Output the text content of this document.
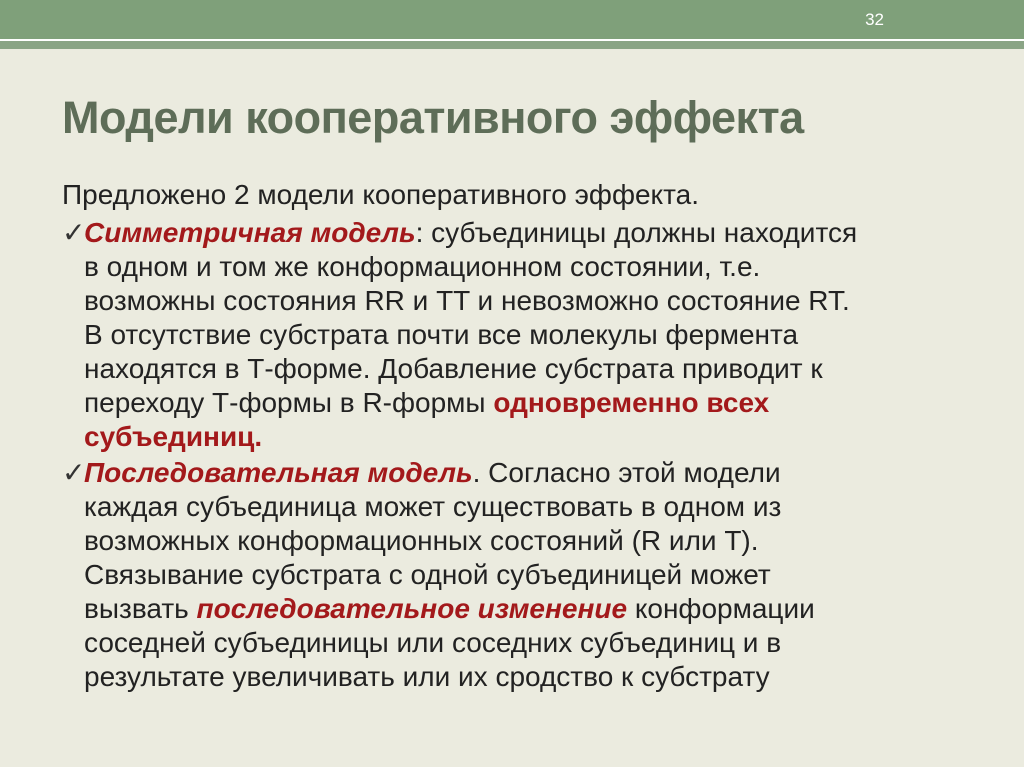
32
Модели кооперативного эффекта

Предложено 2 модели кооперативного эффекта.

✓
Симметричная модель: субъединицы должны находится
в одном и том же конформационном состоянии, т.е.
возможны состояния RR и TT и невозможно состояние RT.
В отсутствие субстрата почти все молекулы фермента
находятся в Т-форме. Добавление субстрата приводит к
переходу Т-формы в R-формы одновременно всех
субъединиц.
✓
Последовательная модель. Согласно этой модели
каждая субъединица может существовать в одном из
возможных конформационных состояний (R или T).
Связывание субстрата с одной субъединицей может
вызвать последовательное изменение конформации
соседней субъединицы или соседних субъединиц и в
результате увеличивать или их сродство к субстрату
